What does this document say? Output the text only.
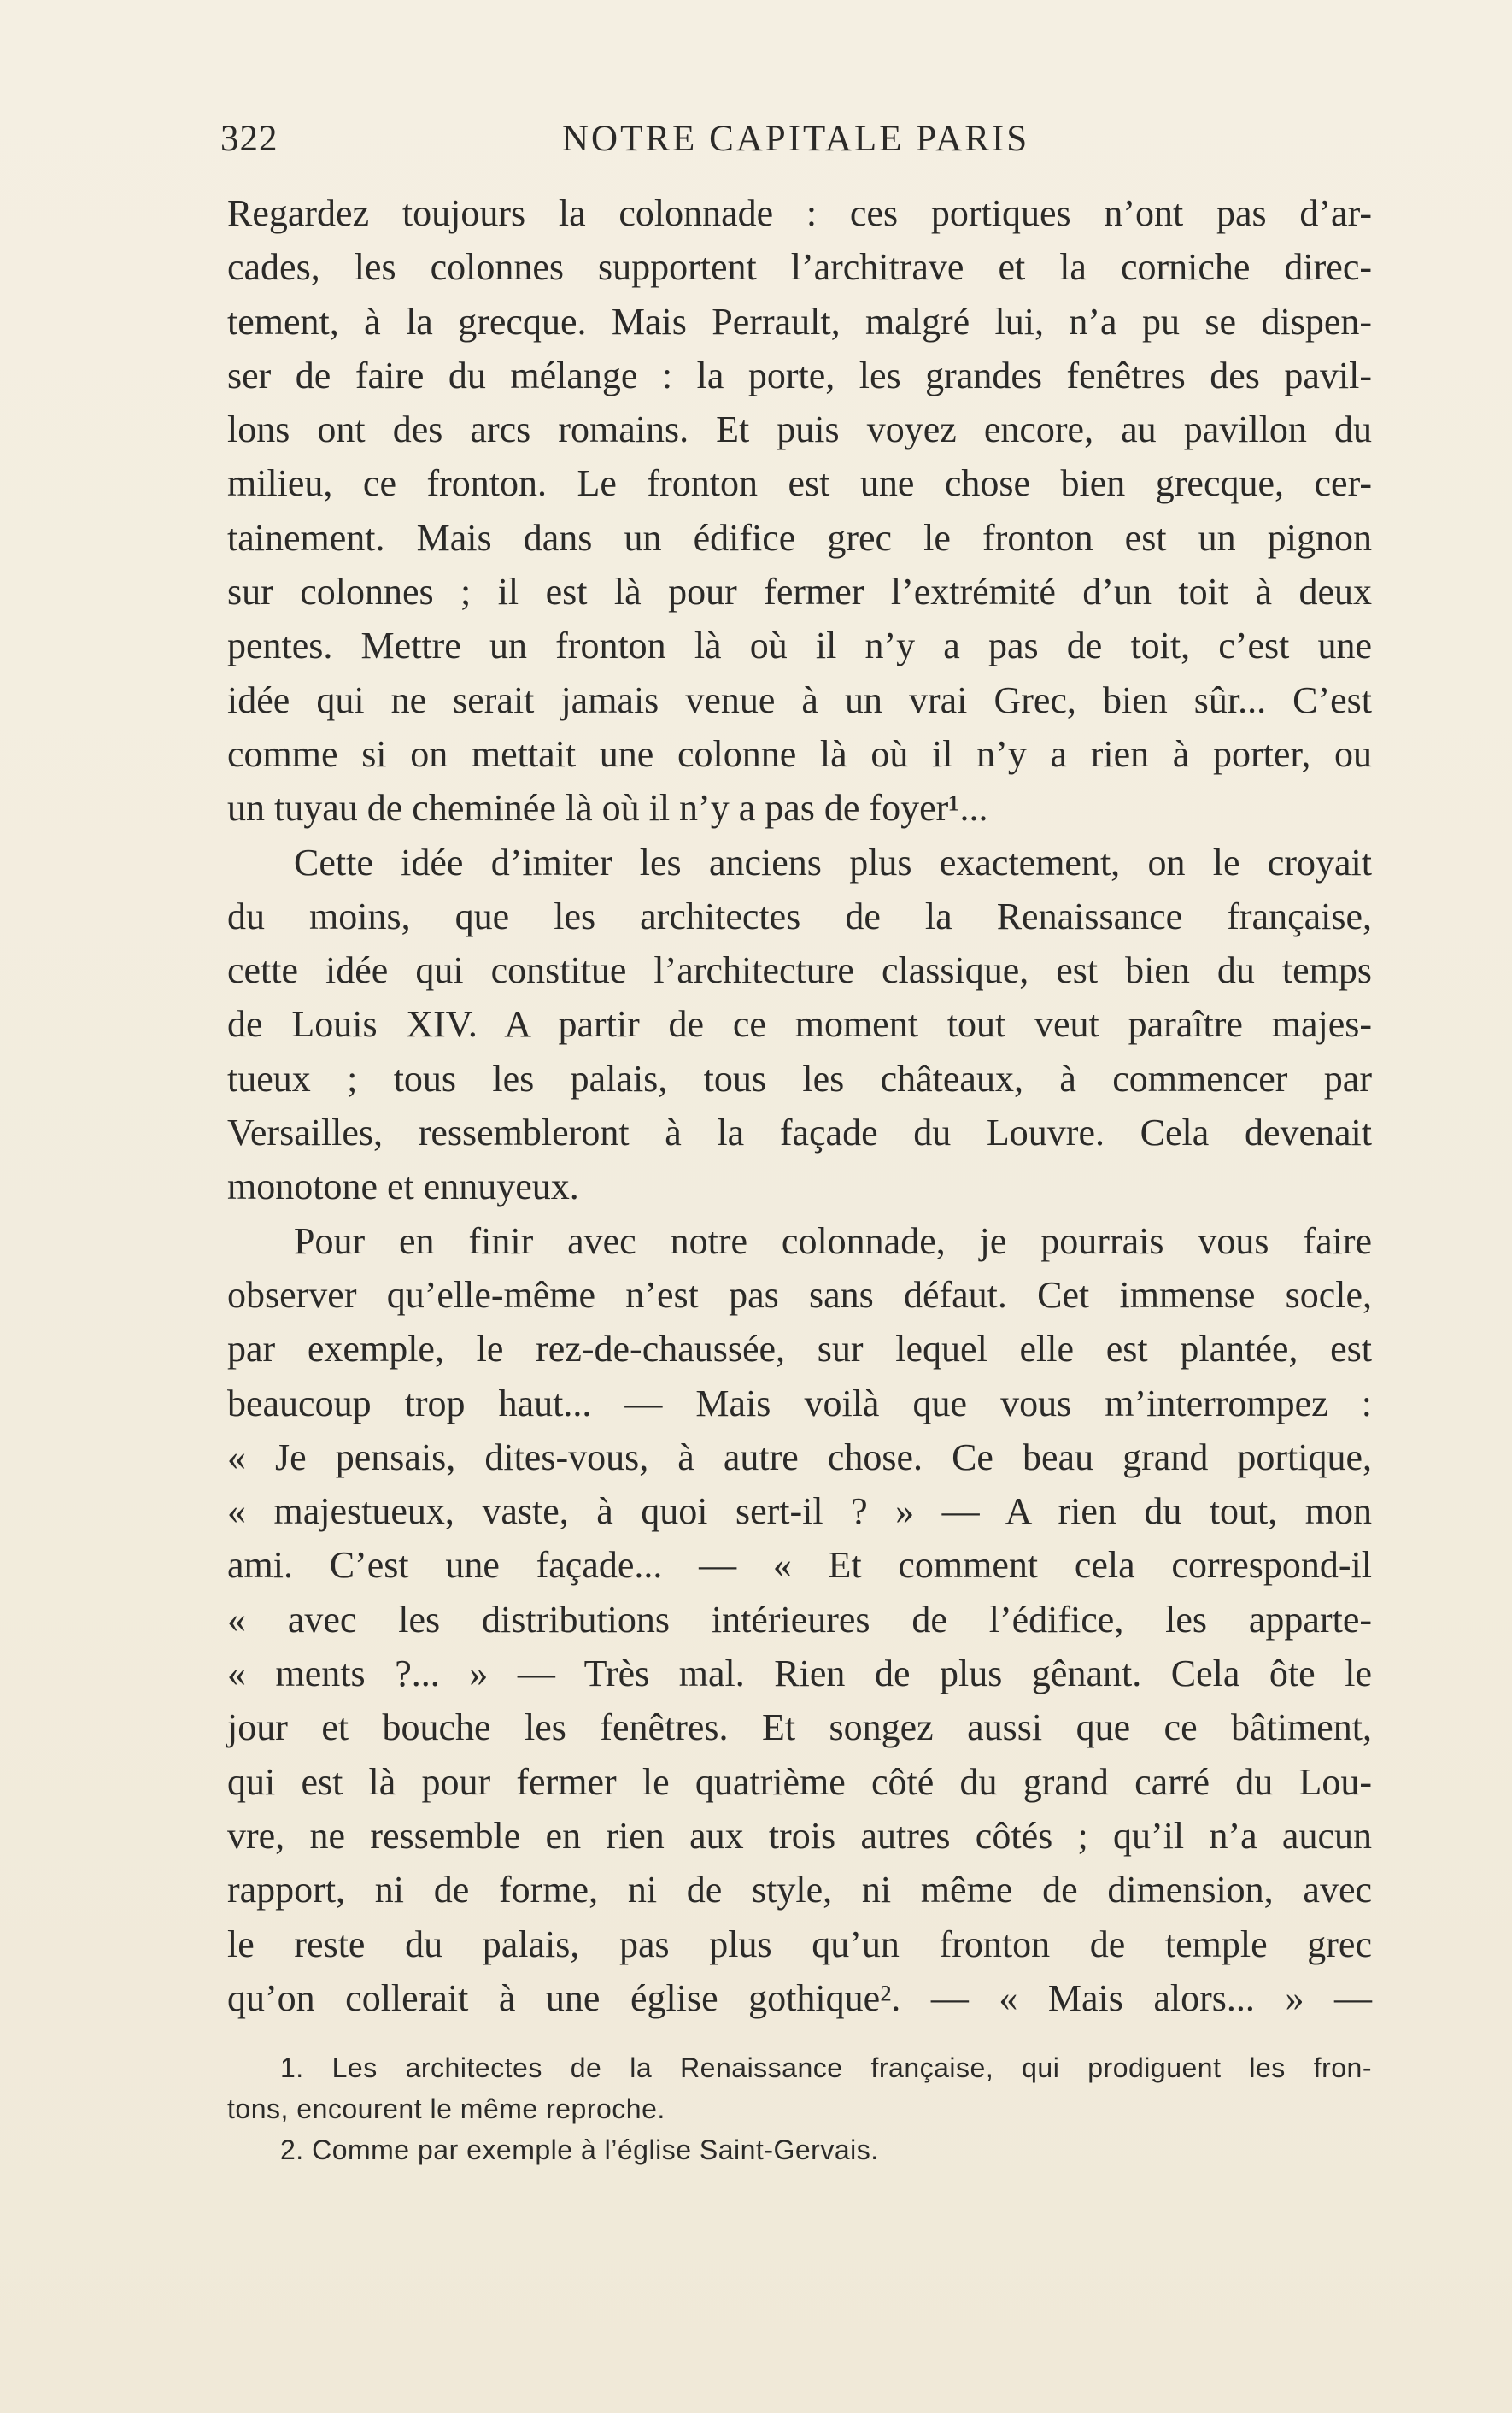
322	NOTRE CAPITALE PARIS
Regardez toujours la colonnade : ces portiques n’ont pas d’ar-
cades, les colonnes supportent l’architrave et la corniche direc-
tement, à la grecque. Mais Perrault, malgré lui, n’a pu se dispen-
ser de faire du mélange : la porte, les grandes fenêtres des pavil-
lons ont des arcs romains. Et puis voyez encore, au pavillon du
milieu, ce fronton. Le fronton est une chose bien grecque, cer-
tainement. Mais dans un édifice grec le fronton est un pignon
sur colonnes ; il est là pour fermer l’extrémité d’un toit à deux
pentes. Mettre un fronton là où il n’y a pas de toit, c’est une
idée qui ne serait jamais venue à un vrai Grec, bien sûr... C’est
comme si on mettait une colonne là où il n’y a rien à porter, ou
un tuyau de cheminée là où il n’y a pas de foyer¹...
Cette idée d’imiter les anciens plus exactement, on le croyait
du moins, que les architectes de la Renaissance française,
cette idée qui constitue l’architecture classique, est bien du temps
de Louis XIV. A partir de ce moment tout veut paraître majes-
tueux ; tous les palais, tous les châteaux, à commencer par
Versailles, ressembleront à la façade du Louvre. Cela devenait
monotone et ennuyeux.
Pour en finir avec notre colonnade, je pourrais vous faire
observer qu’elle-même n’est pas sans défaut. Cet immense socle,
par exemple, le rez-de-chaussée, sur lequel elle est plantée, est
beaucoup trop haut... — Mais voilà que vous m’interrompez :
« Je pensais, dites-vous, à autre chose. Ce beau grand portique,
« majestueux, vaste, à quoi sert-il ? » — A rien du tout, mon
ami. C’est une façade... — « Et comment cela correspond-il
« avec les distributions intérieures de l’édifice, les apparte-
« ments ?... » — Très mal. Rien de plus gênant. Cela ôte le
jour et bouche les fenêtres. Et songez aussi que ce bâtiment,
qui est là pour fermer le quatrième côté du grand carré du Lou-
vre, ne ressemble en rien aux trois autres côtés ; qu’il n’a aucun
rapport, ni de forme, ni de style, ni même de dimension, avec
le reste du palais, pas plus qu’un fronton de temple grec
qu’on collerait à une église gothique². — « Mais alors... » —
1. Les architectes de la Renaissance française, qui prodiguent les fron-
tons, encourent le même reproche.
2. Comme par exemple à l’église Saint-Gervais.
